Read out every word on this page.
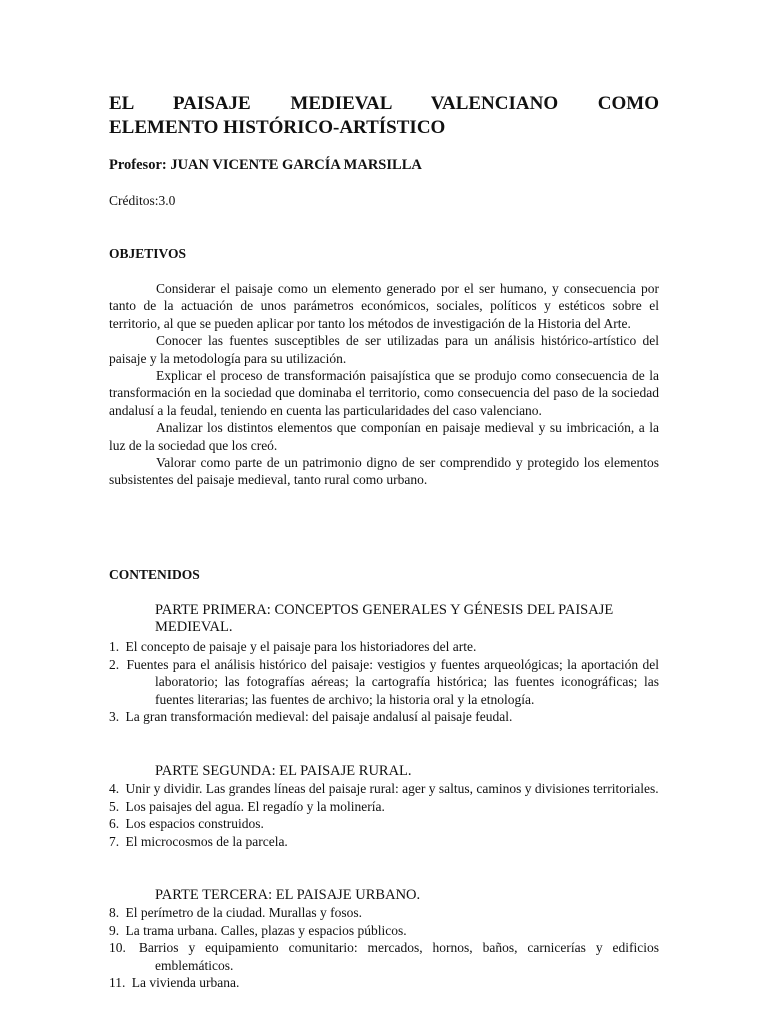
EL PAISAJE MEDIEVAL VALENCIANO COMO
ELEMENTO HISTÓRICO-ARTÍSTICO
Profesor: JUAN VICENTE GARCÍA MARSILLA
Créditos:3.0
OBJETIVOS

Considerar el paisaje como un elemento generado por el ser humano, y consecuencia por tanto de la actuación de unos parámetros económicos, sociales, políticos y estéticos sobre el territorio, al que se pueden aplicar por tanto los métodos de investigación de la Historia del Arte.

Conocer las fuentes susceptibles de ser utilizadas para un análisis histórico-artístico del paisaje y la metodología para su utilización.

Explicar el proceso de transformación paisajística que se produjo como consecuencia de la transformación en la sociedad que dominaba el territorio, como consecuencia del paso de la sociedad andalusí a la feudal, teniendo en cuenta las particularidades del caso valenciano.

Analizar los distintos elementos que componían en paisaje medieval y su imbricación, a la luz de la sociedad que los creó.

Valorar como parte de un patrimonio digno de ser comprendido y protegido los elementos subsistentes del paisaje medieval, tanto rural como urbano.

CONTENIDOS
PARTE PRIMERA: CONCEPTOS GENERALES Y GÉNESIS DEL PAISAJE MEDIEVAL.
1. El concepto de paisaje y el paisaje para los historiadores del arte.
2. Fuentes para el análisis histórico del paisaje: vestigios y fuentes arqueológicas; la aportación del laboratorio; las fotografías aéreas; la cartografía histórica; las fuentes iconográficas; las fuentes literarias; las fuentes de archivo; la historia oral y la etnología.
3. La gran transformación medieval: del paisaje andalusí al paisaje feudal.
PARTE SEGUNDA: EL PAISAJE RURAL.
4. Unir y dividir. Las grandes líneas del paisaje rural: ager y saltus, caminos y divisiones territoriales.
5. Los paisajes del agua. El regadío y la molinería.
6. Los espacios construidos.
7. El microcosmos de la parcela.
PARTE TERCERA: EL PAISAJE URBANO.
8. El perímetro de la ciudad. Murallas y fosos.
9. La trama urbana. Calles, plazas y espacios públicos.
10. Barrios y equipamiento comunitario: mercados, hornos, baños, carnicerías y edificios emblemáticos.
11. La vivienda urbana.
